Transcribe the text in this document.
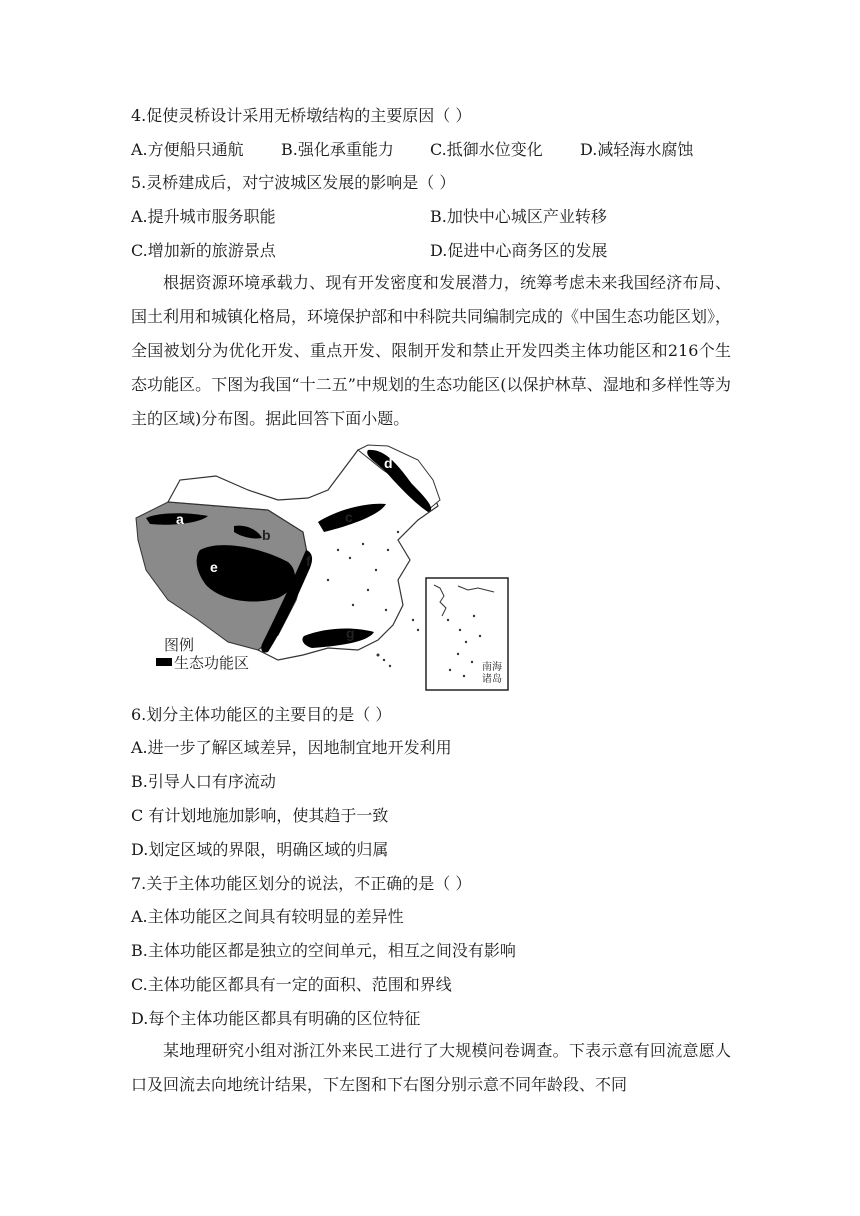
4.促使灵桥设计采用无桥墩结构的主要原因（ ）
A.方便船只通航 B.强化承重能力 C.抵御水位变化 D.减轻海水腐蚀
5.灵桥建成后，对宁波城区发展的影响是（ ）
A.提升城市服务职能	B.加快中心城区产业转移
C.增加新的旅游景点	D.促进中心商务区的发展
根据资源环境承载力、现有开发密度和发展潜力，统筹考虑未来我国经济布局、国土利用和城镇化格局，环境保护部和中科院共同编制完成的《中国生态功能区划》，全国被划分为优化开发、重点开发、限制开发和禁止开发四类主体功能区和216个生态功能区。下图为我国“十二五”中规划的生态功能区(以保护林草、湿地和多样性等为主的区域)分布图。据此回答下面小题。
a
b
c
d
e	f
g
图例
生态功能区	南海
诸岛
6.划分主体功能区的主要目的是（ ）
A.进一步了解区域差异，因地制宜地开发利用
B.引导人口有序流动
C 有计划地施加影响，使其趋于一致
D.划定区域的界限，明确区域的归属
7.关于主体功能区划分的说法，不正确的是（ ）
A.主体功能区之间具有较明显的差异性
B.主体功能区都是独立的空间单元，相互之间没有影响
C.主体功能区都具有一定的面积、范围和界线
D.每个主体功能区都具有明确的区位特征
某地理研究小组对浙江外来民工进行了大规模问卷调查。下表示意有回流意愿人口及回流去向地统计结果，下左图和下右图分别示意不同年龄段、不同
